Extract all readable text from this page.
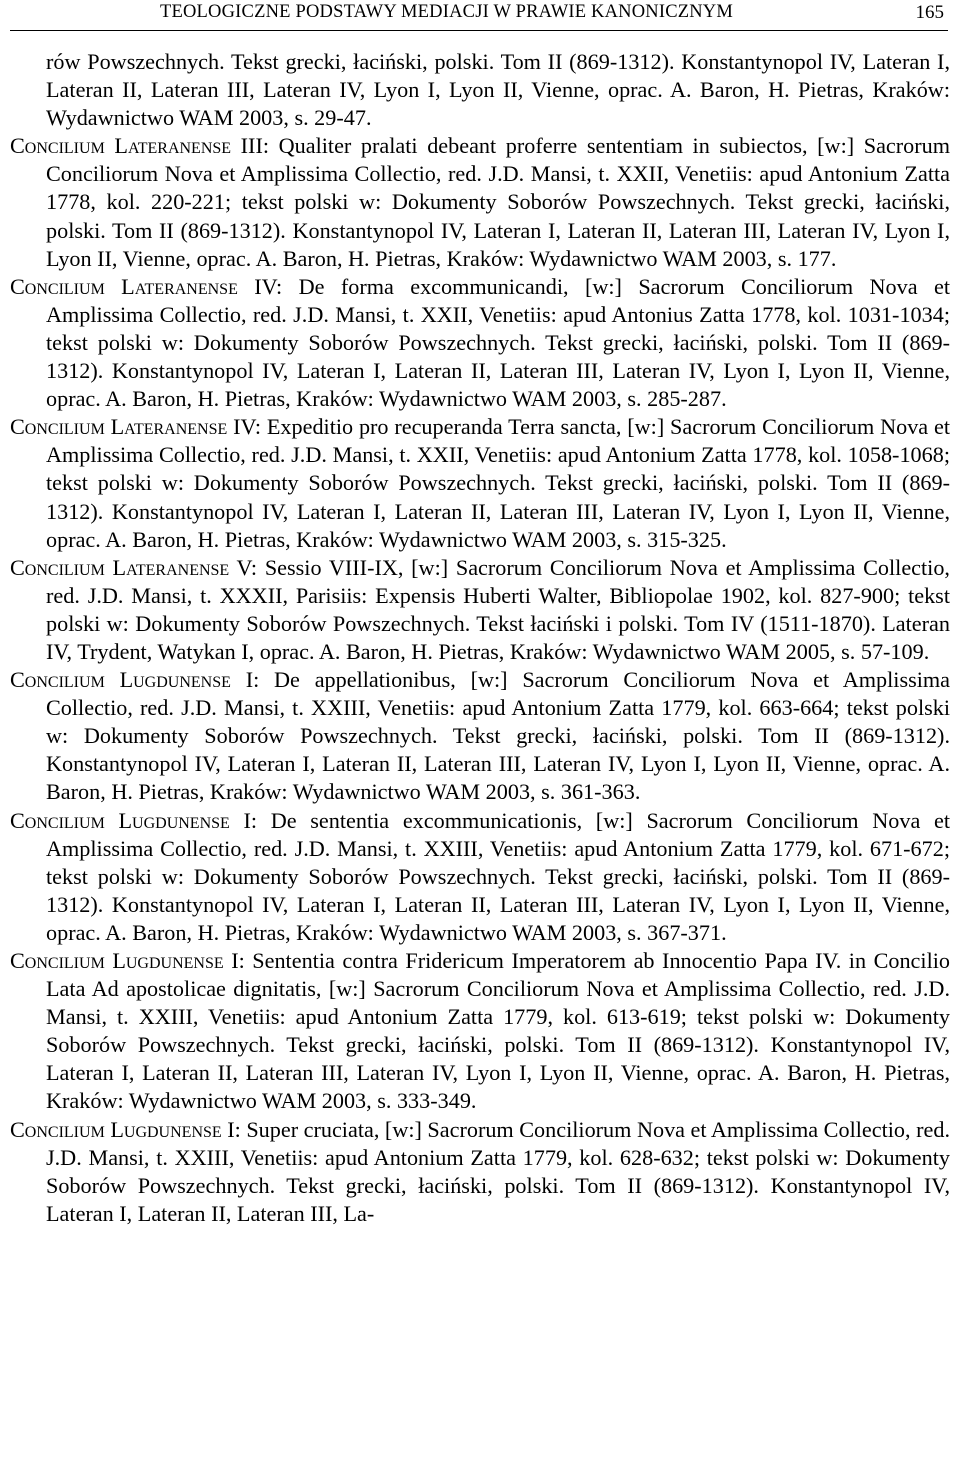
TEOLOGICZNE PODSTAWY MEDIACJI W PRAWIE KANONICZNYM	165

rów Powszechnych. Tekst grecki, łaciński, polski. Tom II (869-1312). Konstantynopol IV, Lateran I, Lateran II, Lateran III, Lateran IV, Lyon I, Lyon II, Vienne, oprac. A. Baron, H. Pietras, Kraków: Wydawnictwo WAM 2003, s. 29-47.

Concilium Lateranense III: Qualiter pralati debeant proferre sententiam in subiectos, [w:] Sacrorum Conciliorum Nova et Amplissima Collectio, red. J.D. Mansi, t. XXII, Venetiis: apud Antonium Zatta 1778, kol. 220-221; tekst polski w: Dokumenty Soborów Powszechnych. Tekst grecki, łaciński, polski. Tom II (869-1312). Konstantynopol IV, Lateran I, Lateran II, Lateran III, Lateran IV, Lyon I, Lyon II, Vienne, oprac. A. Baron, H. Pietras, Kraków: Wydawnictwo WAM 2003, s. 177.

Concilium Lateranense IV: De forma excommunicandi, [w:] Sacrorum Conciliorum Nova et Amplissima Collectio, red. J.D. Mansi, t. XXII, Venetiis: apud Antonius Zatta 1778, kol. 1031-1034; tekst polski w: Dokumenty Soborów Powszechnych. Tekst grecki, łaciński, polski. Tom II (869-1312). Konstantynopol IV, Lateran I, Lateran II, Lateran III, Lateran IV, Lyon I, Lyon II, Vienne, oprac. A. Baron, H. Pietras, Kraków: Wydawnictwo WAM 2003, s. 285-287.

Concilium Lateranense IV: Expeditio pro recuperanda Terra sancta, [w:] Sacrorum Conciliorum Nova et Amplissima Collectio, red. J.D. Mansi, t. XXII, Venetiis: apud Antonium Zatta 1778, kol. 1058-1068; tekst polski w: Dokumenty Soborów Powszechnych. Tekst grecki, łaciński, polski. Tom II (869-1312). Konstantynopol IV, Lateran I, Lateran II, Lateran III, Lateran IV, Lyon I, Lyon II, Vienne, oprac. A. Baron, H. Pietras, Kraków: Wydawnictwo WAM 2003, s. 315-325.

Concilium Lateranense V: Sessio VIII-IX, [w:] Sacrorum Conciliorum Nova et Amplissima Collectio, red. J.D. Mansi, t. XXXII, Parisiis: Expensis Huberti Walter, Bibliopolae 1902, kol. 827-900; tekst polski w: Dokumenty Soborów Powszechnych. Tekst łaciński i polski. Tom IV (1511-1870). Lateran IV, Trydent, Watykan I, oprac. A. Baron, H. Pietras, Kraków: Wydawnictwo WAM 2005, s. 57-109.

Concilium Lugdunense I: De appellationibus, [w:] Sacrorum Conciliorum Nova et Amplissima Collectio, red. J.D. Mansi, t. XXIII, Venetiis: apud Antonium Zatta 1779, kol. 663-664; tekst polski w: Dokumenty Soborów Powszechnych. Tekst grecki, łaciński, polski. Tom II (869-1312). Konstantynopol IV, Lateran I, Lateran II, Lateran III, Lateran IV, Lyon I, Lyon II, Vienne, oprac. A. Baron, H. Pietras, Kraków: Wydawnictwo WAM 2003, s. 361-363.

Concilium Lugdunense I: De sententia excommunicationis, [w:] Sacrorum Conciliorum Nova et Amplissima Collectio, red. J.D. Mansi, t. XXIII, Venetiis: apud Antonium Zatta 1779, kol. 671-672; tekst polski w: Dokumenty Soborów Powszechnych. Tekst grecki, łaciński, polski. Tom II (869-1312). Konstantynopol IV, Lateran I, Lateran II, Lateran III, Lateran IV, Lyon I, Lyon II, Vienne, oprac. A. Baron, H. Pietras, Kraków: Wydawnictwo WAM 2003, s. 367-371.

Concilium Lugdunense I: Sententia contra Fridericum Imperatorem ab Innocentio Papa IV. in Concilio Lata Ad apostolicae dignitatis, [w:] Sacrorum Conciliorum Nova et Amplissima Collectio, red. J.D. Mansi, t. XXIII, Venetiis: apud Antonium Zatta 1779, kol. 613-619; tekst polski w: Dokumenty Soborów Powszechnych. Tekst grecki, łaciński, polski. Tom II (869-1312). Konstantynopol IV, Lateran I, Lateran II, Lateran III, Lateran IV, Lyon I, Lyon II, Vienne, oprac. A. Baron, H. Pietras, Kraków: Wydawnictwo WAM 2003, s. 333-349.

Concilium Lugdunense I: Super cruciata, [w:] Sacrorum Conciliorum Nova et Amplissima Collectio, red. J.D. Mansi, t. XXIII, Venetiis: apud Antonium Zatta 1779, kol. 628-632; tekst polski w: Dokumenty Soborów Powszechnych. Tekst grecki, łaciński, polski. Tom II (869-1312). Konstantynopol IV, Lateran I, Lateran II, Lateran III, La-
